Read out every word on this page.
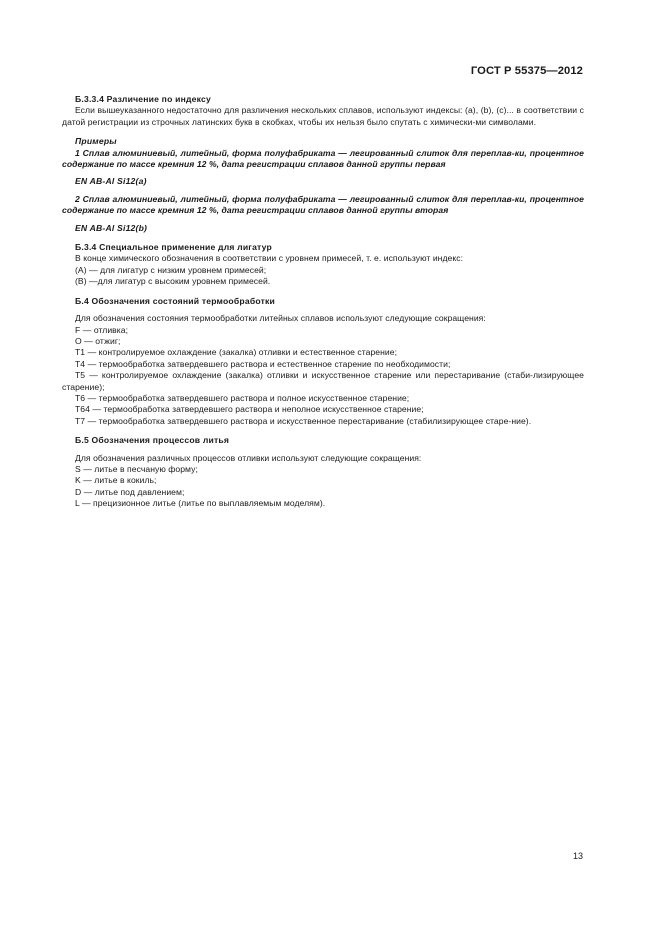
ГОСТ Р 55375—2012

Б.3.3.4 Различение по индексу

Если вышеуказанного недостаточно для различения нескольких сплавов, используют индексы: (a), (b), (c)... в соответствии с датой регистрации из строчных латинских букв в скобках, чтобы их нельзя было спутать с химически-ми символами.

Примеры

1 Сплав алюминиевый, литейный, форма полуфабриката — легированный слиток для переплав-ки, процентное содержание по массе кремния 12 %, дата регистрации сплавов данной группы первая

EN AB-Al Si12(a)

2 Сплав алюминиевый, литейный, форма полуфабриката — легированный слиток для переплав-ки, процентное содержание по массе кремния 12 %, дата регистрации сплавов данной группы вторая

EN AB-Al Si12(b)

Б.3.4 Специальное применение для лигатур

В конце химического обозначения в соответствии с уровнем примесей, т. е. используют индекс:

(A) — для лигатур с низким уровнем примесей;

(B) —для лигатур с высоким уровнем примесей.

Б.4 Обозначения состояний термообработки

Для обозначения состояния термообработки литейных сплавов используют следующие сокращения:

F — отливка;

O — отжиг;

T1 — контролируемое охлаждение (закалка) отливки и естественное старение;

T4 — термообработка затвердевшего раствора и естественное старение по необходимости;

T5 — контролируемое охлаждение (закалка) отливки и искусственное старение или перестаривание (стаби-лизирующее старение);

T6 — термообработка затвердевшего раствора и полное искусственное старение;

T64 — термообработка затвердевшего раствора и неполное искусственное старение;

T7 — термообработка затвердевшего раствора и искусственное перестаривание (стабилизирующее старе-ние).

Б.5 Обозначения процессов литья

Для обозначения различных процессов отливки используют следующие сокращения:

S — литье в песчаную форму;

K — литье в кокиль;

D — литье под давлением;

L — прецизионное литье (литье по выплавляемым моделям).

13
